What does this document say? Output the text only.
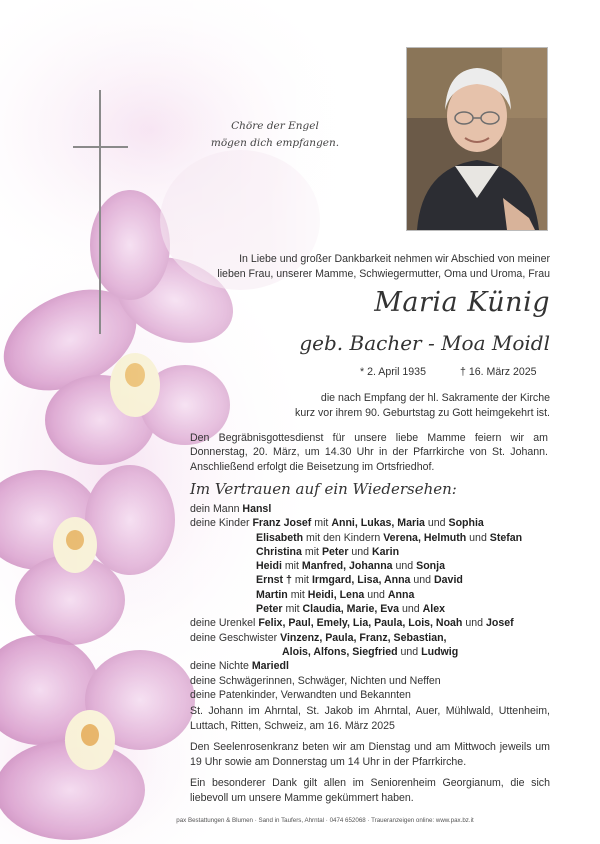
Chöre der Engel
mögen dich empfangen.
In Liebe und großer Dankbarkeit nehmen wir Abschied von meiner
lieben Frau, unserer Mamme, Schwiegermutter, Oma und Uroma, Frau
Maria Künig
geb. Bacher - Moa Moidl
* 2. April 1935	† 16. März 2025
die nach Empfang der hl. Sakramente der Kirche
kurz vor ihrem 90. Geburtstag zu Gott heimgekehrt ist.
Den Begräbnisgottesdienst für unsere liebe Mamme feiern wir am Donnerstag, 20. März, um 14.30 Uhr in der Pfarrkirche von St. Johann. Anschließend erfolgt die Beisetzung im Ortsfriedhof.
Im Vertrauen auf ein Wiedersehen:
dein Mann Hansl
deine Kinder Franz Josef mit Anni, Lukas, Maria und Sophia
Elisabeth mit den Kindern Verena, Helmuth und Stefan
Christina mit Peter und Karin
Heidi mit Manfred, Johanna und Sonja
Ernst † mit Irmgard, Lisa, Anna und David
Martin mit Heidi, Lena und Anna
Peter mit Claudia, Marie, Eva und Alex
deine Urenkel Felix, Paul, Emely, Lia, Paula, Lois, Noah und Josef
deine Geschwister Vinzenz, Paula, Franz, Sebastian,
Alois, Alfons, Siegfried und Ludwig
deine Nichte Mariedl
deine Schwägerinnen, Schwäger, Nichten und Neffen
deine Patenkinder, Verwandten und Bekannten
St. Johann im Ahrntal, St. Jakob im Ahrntal, Auer, Mühlwald, Uttenheim, Luttach, Ritten, Schweiz, am 16. März 2025
Den Seelenrosenkranz beten wir am Dienstag und am Mittwoch jeweils um 19 Uhr sowie am Donnerstag um 14 Uhr in der Pfarrkirche.
Ein besonderer Dank gilt allen im Seniorenheim Georgianum, die sich liebevoll um unsere Mamme gekümmert haben.
pax Bestattungen & Blumen · Sand in Taufers, Ahrntal · 0474 652068 · Traueranzeigen online: www.pax.bz.it
